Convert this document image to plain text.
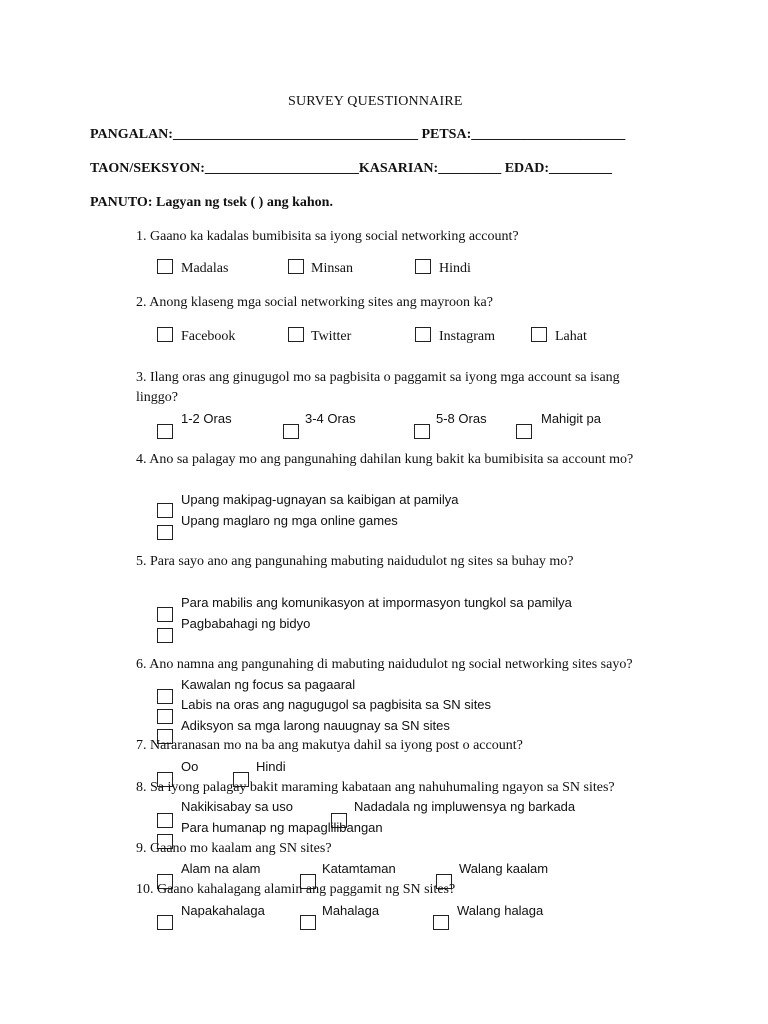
SURVEY QUESTIONNAIRE
PANGALAN:___________________________________ PETSA:______________________
TAON/SEKSYON:______________________KASARIAN:_________ EDAD:_________
PANUTO: Lagyan ng tsek ( ) ang kahon.
1. Gaano ka kadalas bumibisita sa iyong social networking account?
Madalas	Minsan	Hindi
2. Anong klaseng mga social networking sites ang mayroon ka?
Facebook	Twitter	Instagram	Lahat
3. Ilang oras ang ginugugol mo sa pagbisita o paggamit sa iyong mga account sa isang
linggo?
1-2 Oras	3-4 Oras	5-8 Oras	Mahigit pa
4. Ano sa palagay mo ang pangunahing dahilan kung bakit ka bumibisita sa account mo?
Upang makipag-ugnayan sa kaibigan at pamilya
Upang maglaro ng mga online games
5. Para sayo ano ang pangunahing mabuting naidudulot ng sites sa buhay mo?
Para mabilis ang komunikasyon at impormasyon tungkol sa pamilya
Pagbabahagi ng bidyo
6. Ano namna ang pangunahing di mabuting naidudulot ng social networking sites sayo?
Kawalan ng focus sa pagaaral
Labis na oras ang nagugugol sa pagbisita sa SN sites
Adiksyon sa mga larong nauugnay sa SN sites
7. Nararanasan mo na ba ang makutya dahil sa iyong post o account?
Oo	Hindi
8. Sa iyong palagay bakit maraming kabataan ang nahuhumaling ngayon sa SN sites?
Nakikisabay sa uso	Nadadala ng impluwensya ng barkada
Para humanap ng mapaglilibangan
9. Gaano mo kaalam ang SN sites?
Alam na alam	Katamtaman	Walang kaalam
10. Gaano kahalagang alamin ang paggamit ng SN sites?
Napakahalaga	Mahalaga	Walang halaga
